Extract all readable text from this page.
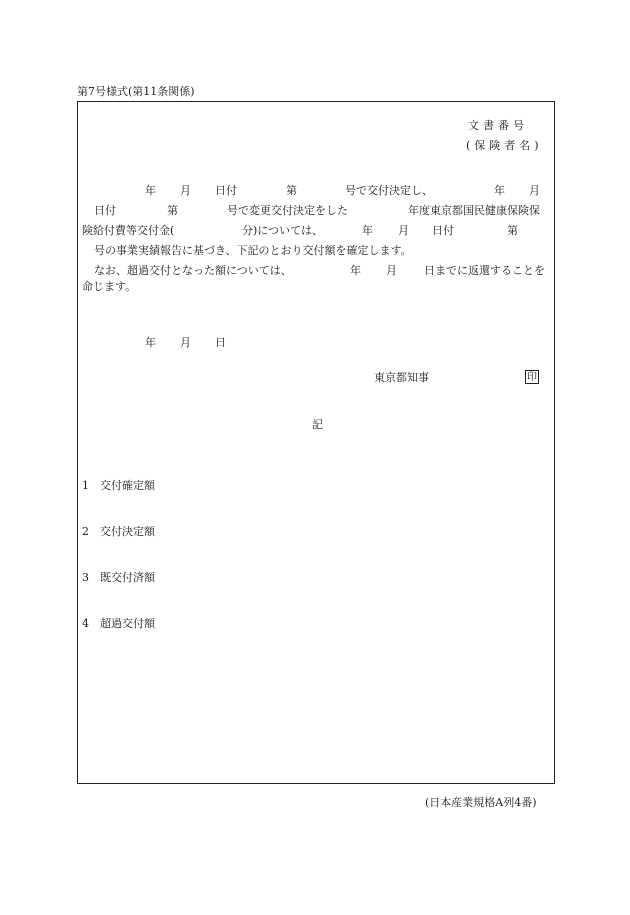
第7号様式(第11条関係)
文書番号
(保険者名)
年 月 日付	第	号で交付決定し、	年 月
日付	第	号で変更交付決定をした	年度東京都国民健康保険保
険給付費等交付金(	分)については、	年 月 日付	第
号の事業実績報告に基づき、下記のとおり交付額を確定します。
なお、超過交付となった額については、	年 月 日までに返還することを
命じます。
年 月 日
東京都知事	印
記
1 交付確定額
2 交付決定額
3 既交付済額
4 超過交付額
(日本産業規格A列4番)
